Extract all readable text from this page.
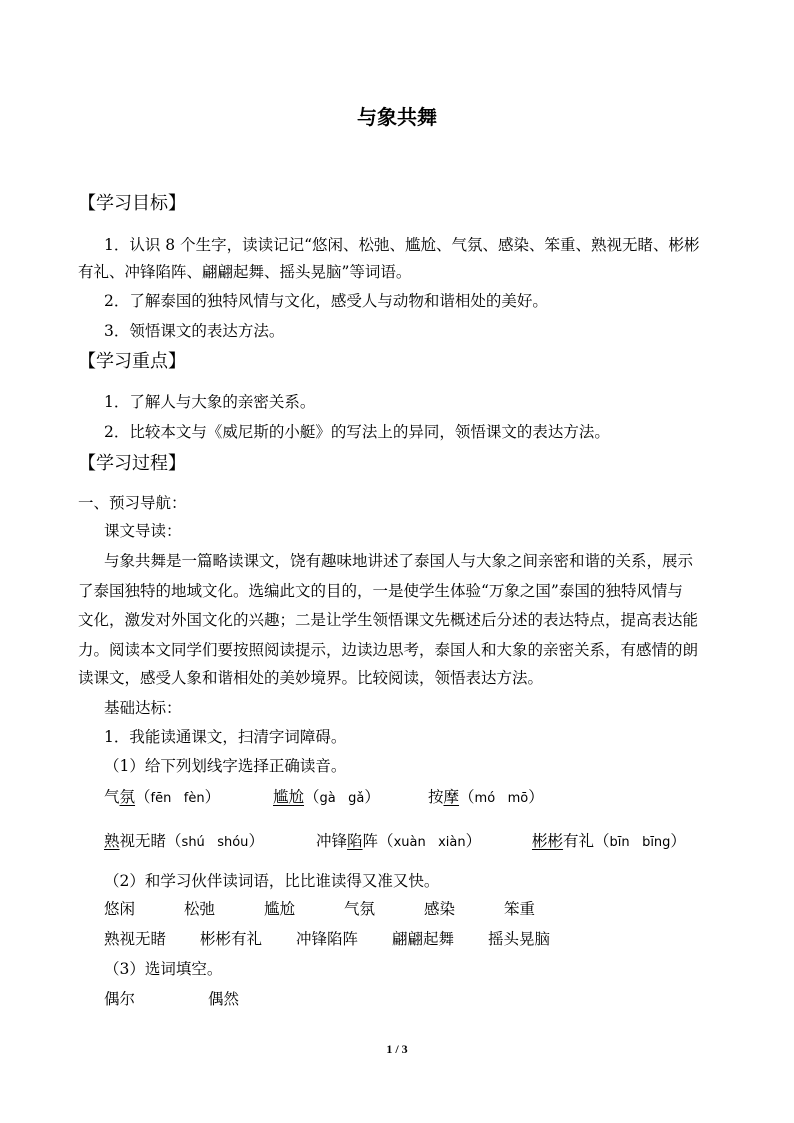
与象共舞
【学习目标】
1．认识 8 个生字，读读记记“悠闲、松弛、尴尬、气氛、感染、笨重、熟视无睹、彬彬
有礼、冲锋陷阵、翩翩起舞、摇头晃脑”等词语。
2．了解泰国的独特风情与文化，感受人与动物和谐相处的美好。
3．领悟课文的表达方法。
【学习重点】
1．了解人与大象的亲密关系。
2．比较本文与《威尼斯的小艇》的写法上的异同，领悟课文的表达方法。
【学习过程】
一、预习导航：
课文导读：
与象共舞是一篇略读课文，饶有趣味地讲述了泰国人与大象之间亲密和谐的关系，展示
了泰国独特的地域文化。选编此文的目的，一是使学生体验“万象之国”泰国的独特风情与
文化，激发对外国文化的兴趣；二是让学生领悟课文先概述后分述的表达特点，提高表达能
力。阅读本文同学们要按照阅读提示，边读边思考，泰国人和大象的亲密关系，有感情的朗
读课文，感受人象和谐相处的美妙境界。比较阅读，领悟表达方法。
基础达标：
1．我能读通课文，扫清字词障碍。
（1）给下列划线字选择正确读音。
气氛（fēn fèn）	尴尬（gà gǎ）	按摩（mó mō）
熟视无睹（shú shóu）	冲锋陷阵（xuàn xiàn）	彬彬有礼（bīn bīng）
（2）和学习伙伴读词语，比比谁读得又准又快。
悠闲	松弛	尴尬	气氛	感染	笨重
熟视无睹 彬彬有礼 冲锋陷阵 翩翩起舞 摇头晃脑
（3）选词填空。
偶尔	偶然
1 / 3
